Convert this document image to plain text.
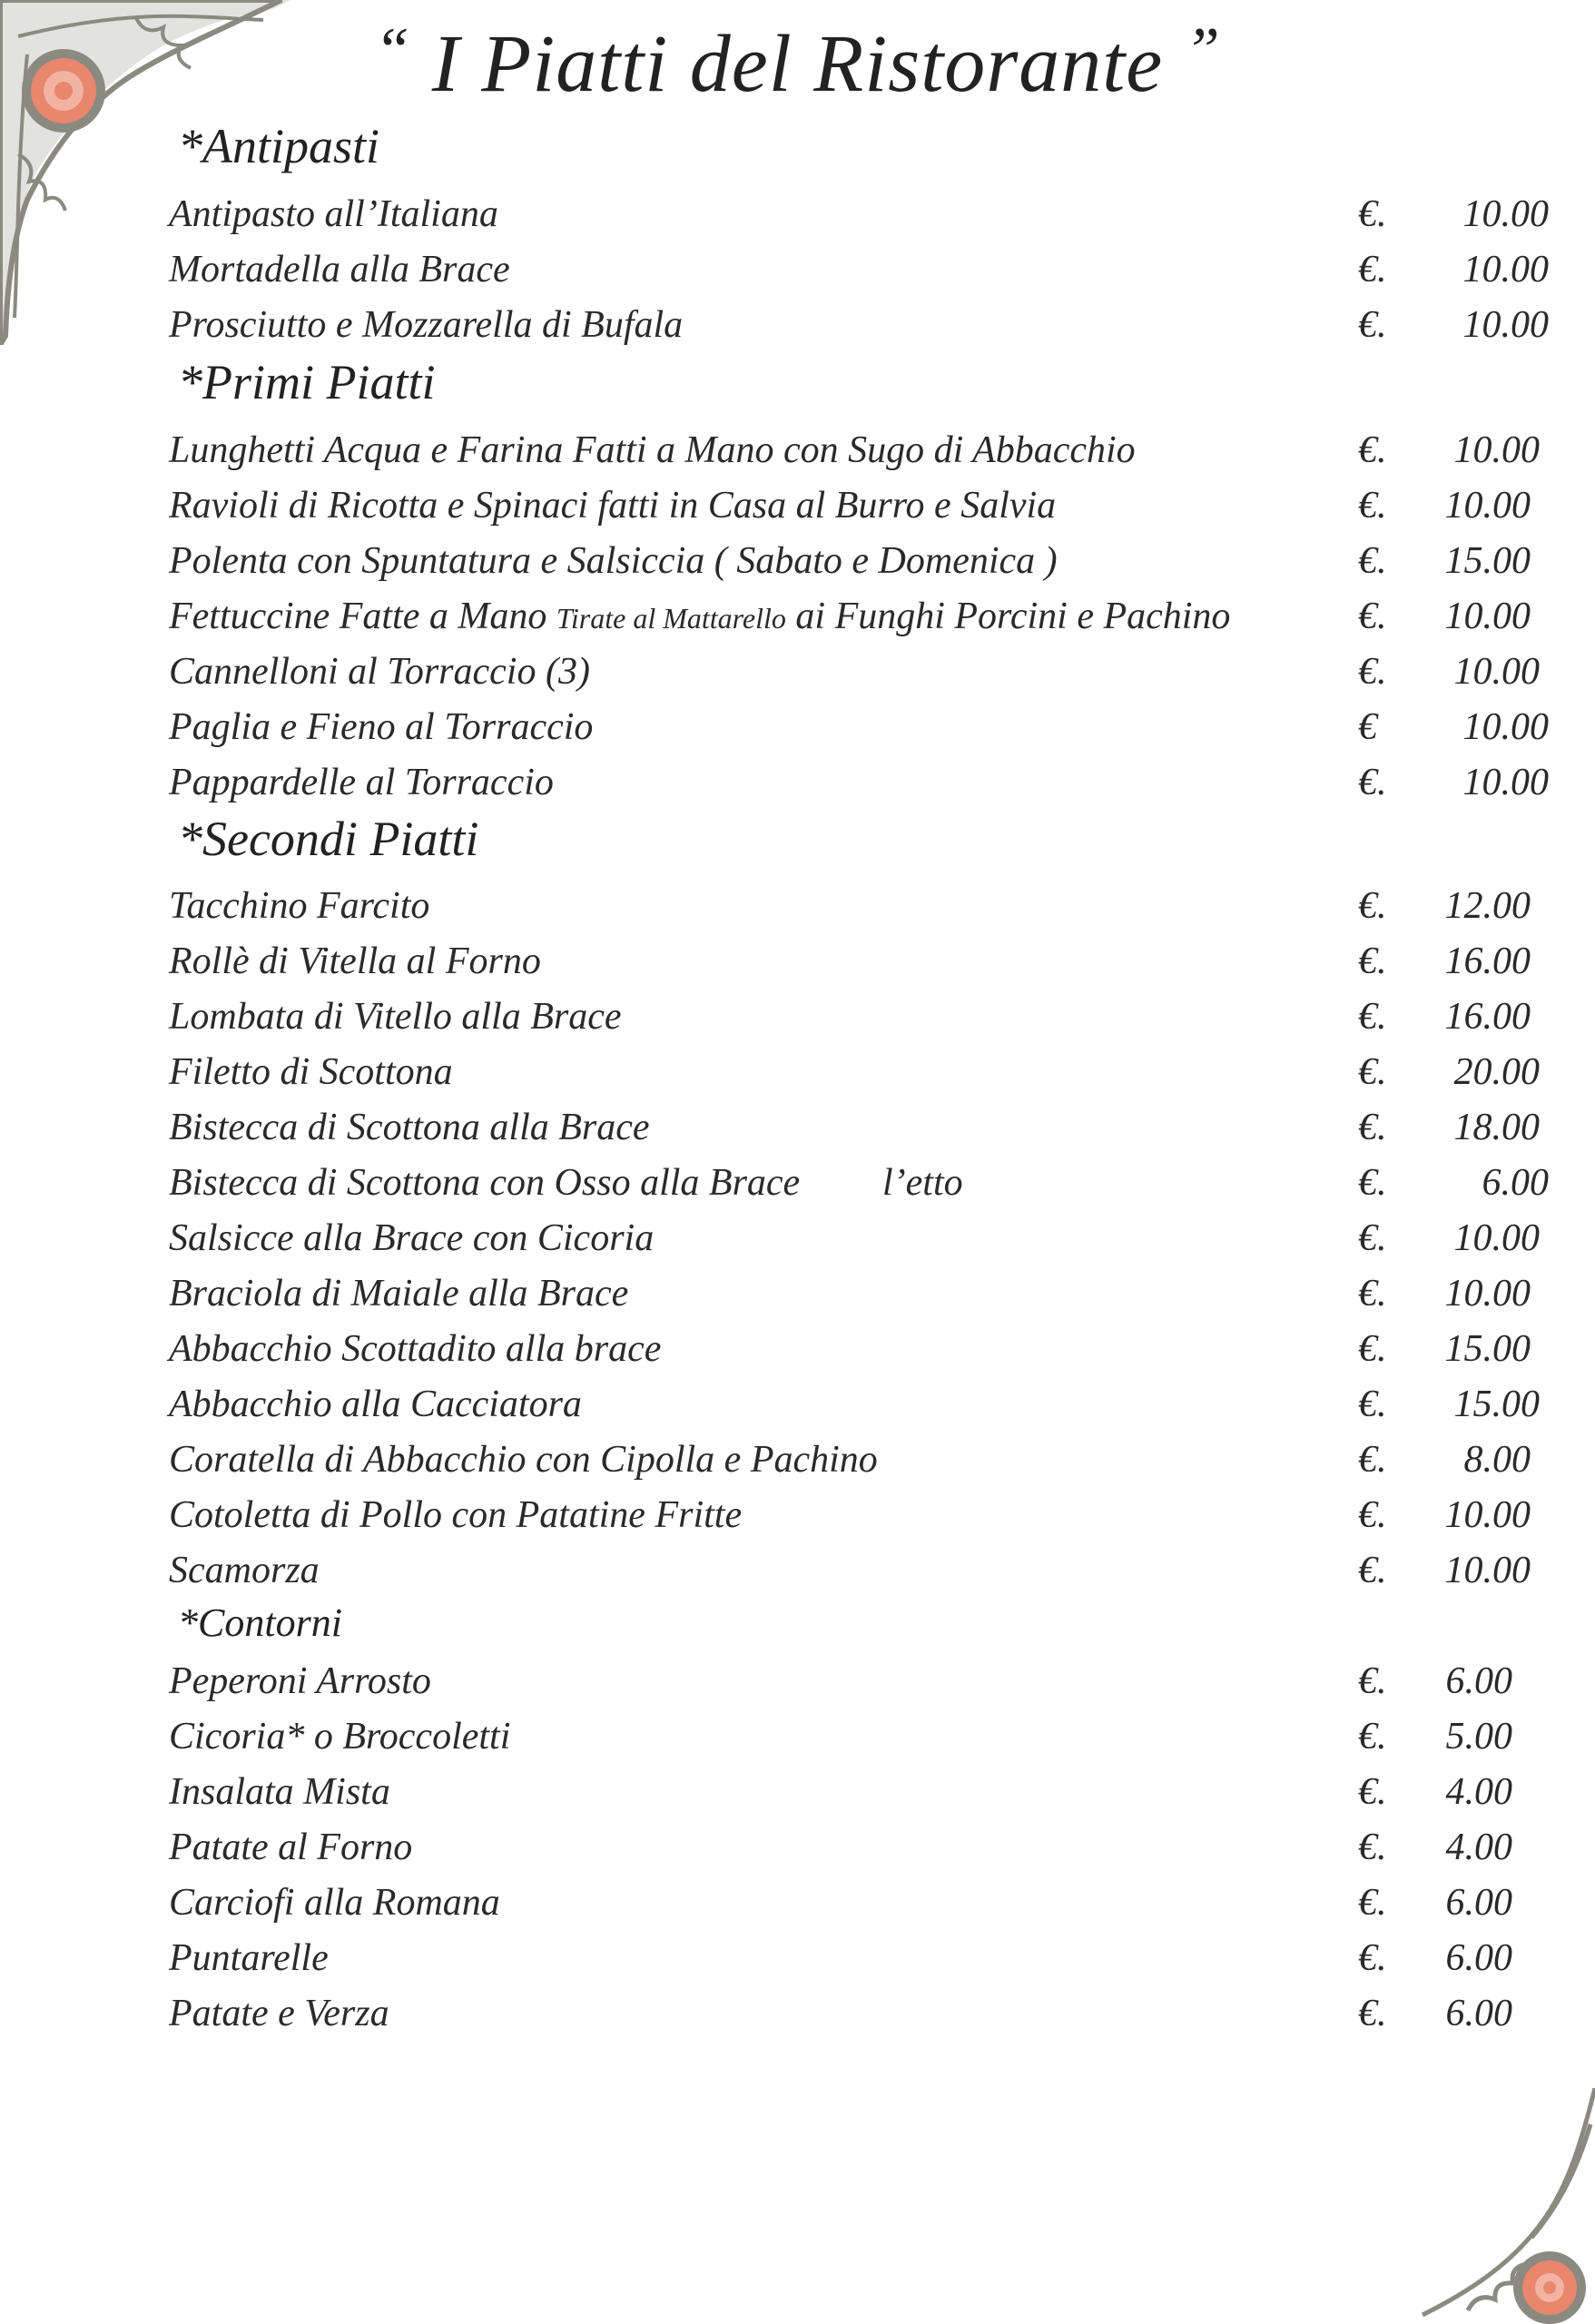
“ I Piatti del Ristorante ”
*Antipasti
Antipasto all’Italiana	€.	10.00
Mortadella alla Brace	€.	10.00
Prosciutto e Mozzarella di Bufala	€.	10.00
*Primi Piatti
Lunghetti Acqua e Farina Fatti a Mano con Sugo di Abbacchio	€.	10.00
Ravioli di Ricotta e Spinaci fatti in Casa al Burro e Salvia	€.	10.00
Polenta con Spuntatura e Salsiccia ( Sabato e Domenica )	€.	15.00
Fettuccine Fatte a Mano Tirate al Mattarello ai Funghi Porcini e Pachino	€.	10.00
Cannelloni al Torraccio (3)	€.	10.00
Paglia e Fieno al Torraccio	€	10.00
Pappardelle al Torraccio	€.	10.00
*Secondi Piatti
Tacchino Farcito	€.	12.00
Rollè di Vitella al Forno	€.	16.00
Lombata di Vitello alla Brace	€.	16.00
Filetto di Scottona	€.	20.00
Bistecca di Scottona alla Brace	€.	18.00
Bistecca di Scottona con Osso alla Brace l’etto	€.	6.00
Salsicce alla Brace con Cicoria	€.	10.00
Braciola di Maiale alla Brace	€.	10.00
Abbacchio Scottadito alla brace	€.	15.00
Abbacchio alla Cacciatora	€.	15.00
Coratella di Abbacchio con Cipolla e Pachino	€.	8.00
Cotoletta di Pollo con Patatine Fritte	€.	10.00
Scamorza	€.	10.00
*Contorni
Peperoni Arrosto	€.	6.00
Cicoria* o Broccoletti	€.	5.00
Insalata Mista	€.	4.00
Patate al Forno	€.	4.00
Carciofi alla Romana	€.	6.00
Puntarelle	€.	6.00
Patate e Verza	€.	6.00
